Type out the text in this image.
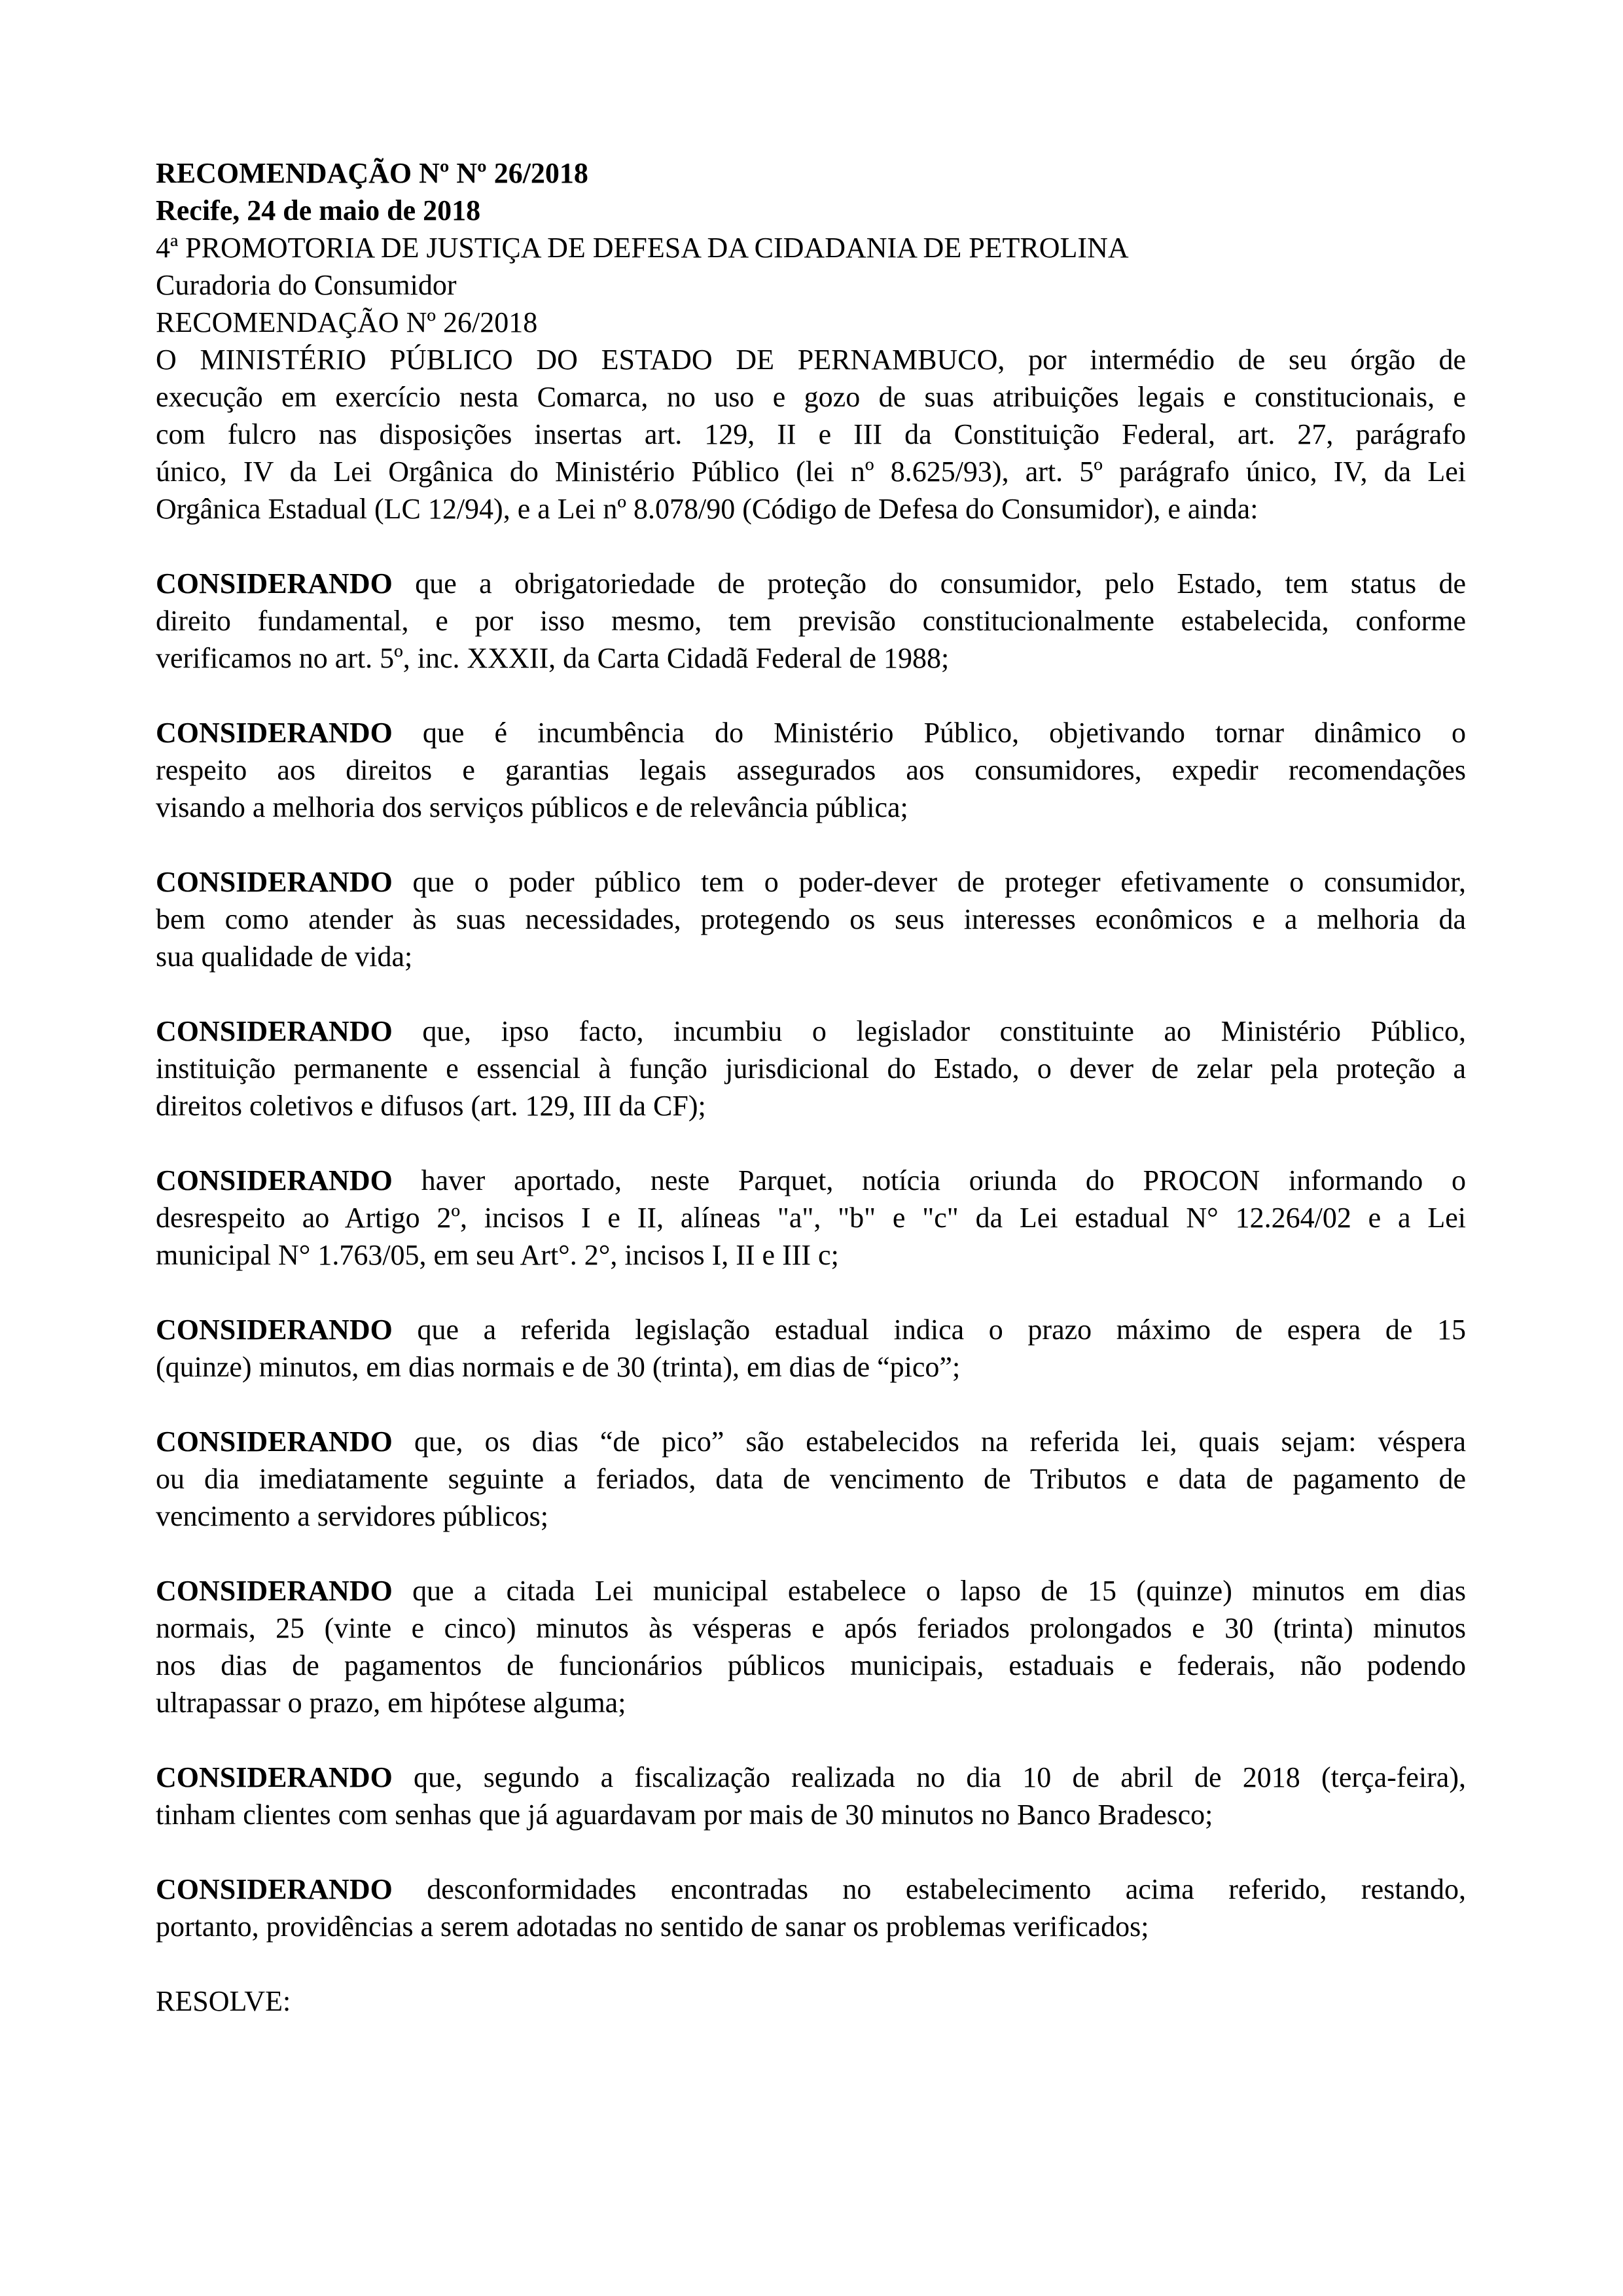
RECOMENDAÇÃO Nº Nº 26/2018
Recife, 24 de maio de 2018
4ª PROMOTORIA DE JUSTIÇA DE DEFESA DA CIDADANIA DE PETROLINA
Curadoria do Consumidor
RECOMENDAÇÃO Nº 26/2018
O MINISTÉRIO PÚBLICO DO ESTADO DE PERNAMBUCO, por intermédio de seu órgão de
execução em exercício nesta Comarca, no uso e gozo de suas atribuições legais e constitucionais, e
com fulcro nas disposições insertas art. 129, II e III da Constituição Federal, art. 27, parágrafo
único, IV da Lei Orgânica do Ministério Público (lei nº 8.625/93), art. 5º parágrafo único, IV, da Lei
Orgânica Estadual (LC 12/94), e a Lei nº 8.078/90 (Código de Defesa do Consumidor), e ainda:
CONSIDERANDO que a obrigatoriedade de proteção do consumidor, pelo Estado, tem status de
direito fundamental, e por isso mesmo, tem previsão constitucionalmente estabelecida, conforme
verificamos no art. 5º, inc. XXXII, da Carta Cidadã Federal de 1988;
CONSIDERANDO que é incumbência do Ministério Público, objetivando tornar dinâmico o
respeito aos direitos e garantias legais assegurados aos consumidores, expedir recomendações
visando a melhoria dos serviços públicos e de relevância pública;
CONSIDERANDO que o poder público tem o poder-dever de proteger efetivamente o consumidor,
bem como atender às suas necessidades, protegendo os seus interesses econômicos e a melhoria da
sua qualidade de vida;
CONSIDERANDO que, ipso facto, incumbiu o legislador constituinte ao Ministério Público,
instituição permanente e essencial à função jurisdicional do Estado, o dever de zelar pela proteção a
direitos coletivos e difusos (art. 129, III da CF);
CONSIDERANDO haver aportado, neste Parquet, notícia oriunda do PROCON informando o
desrespeito ao Artigo 2º, incisos I e II, alíneas "a", "b" e "c" da Lei estadual N° 12.264/02 e a Lei
municipal N° 1.763/05, em seu Art°. 2°, incisos I, II e III c;
CONSIDERANDO que a referida legislação estadual indica o prazo máximo de espera de 15
(quinze) minutos, em dias normais e de 30 (trinta), em dias de “pico”;
CONSIDERANDO que, os dias “de pico” são estabelecidos na referida lei, quais sejam: véspera
ou dia imediatamente seguinte a feriados, data de vencimento de Tributos e data de pagamento de
vencimento a servidores públicos;
CONSIDERANDO que a citada Lei municipal estabelece o lapso de 15 (quinze) minutos em dias
normais, 25 (vinte e cinco) minutos às vésperas e após feriados prolongados e 30 (trinta) minutos
nos dias de pagamentos de funcionários públicos municipais, estaduais e federais, não podendo
ultrapassar o prazo, em hipótese alguma;
CONSIDERANDO que, segundo a fiscalização realizada no dia 10 de abril de 2018 (terça-feira),
tinham clientes com senhas que já aguardavam por mais de 30 minutos no Banco Bradesco;
CONSIDERANDO desconformidades encontradas no estabelecimento acima referido, restando,
portanto, providências a serem adotadas no sentido de sanar os problemas verificados;
RESOLVE:
